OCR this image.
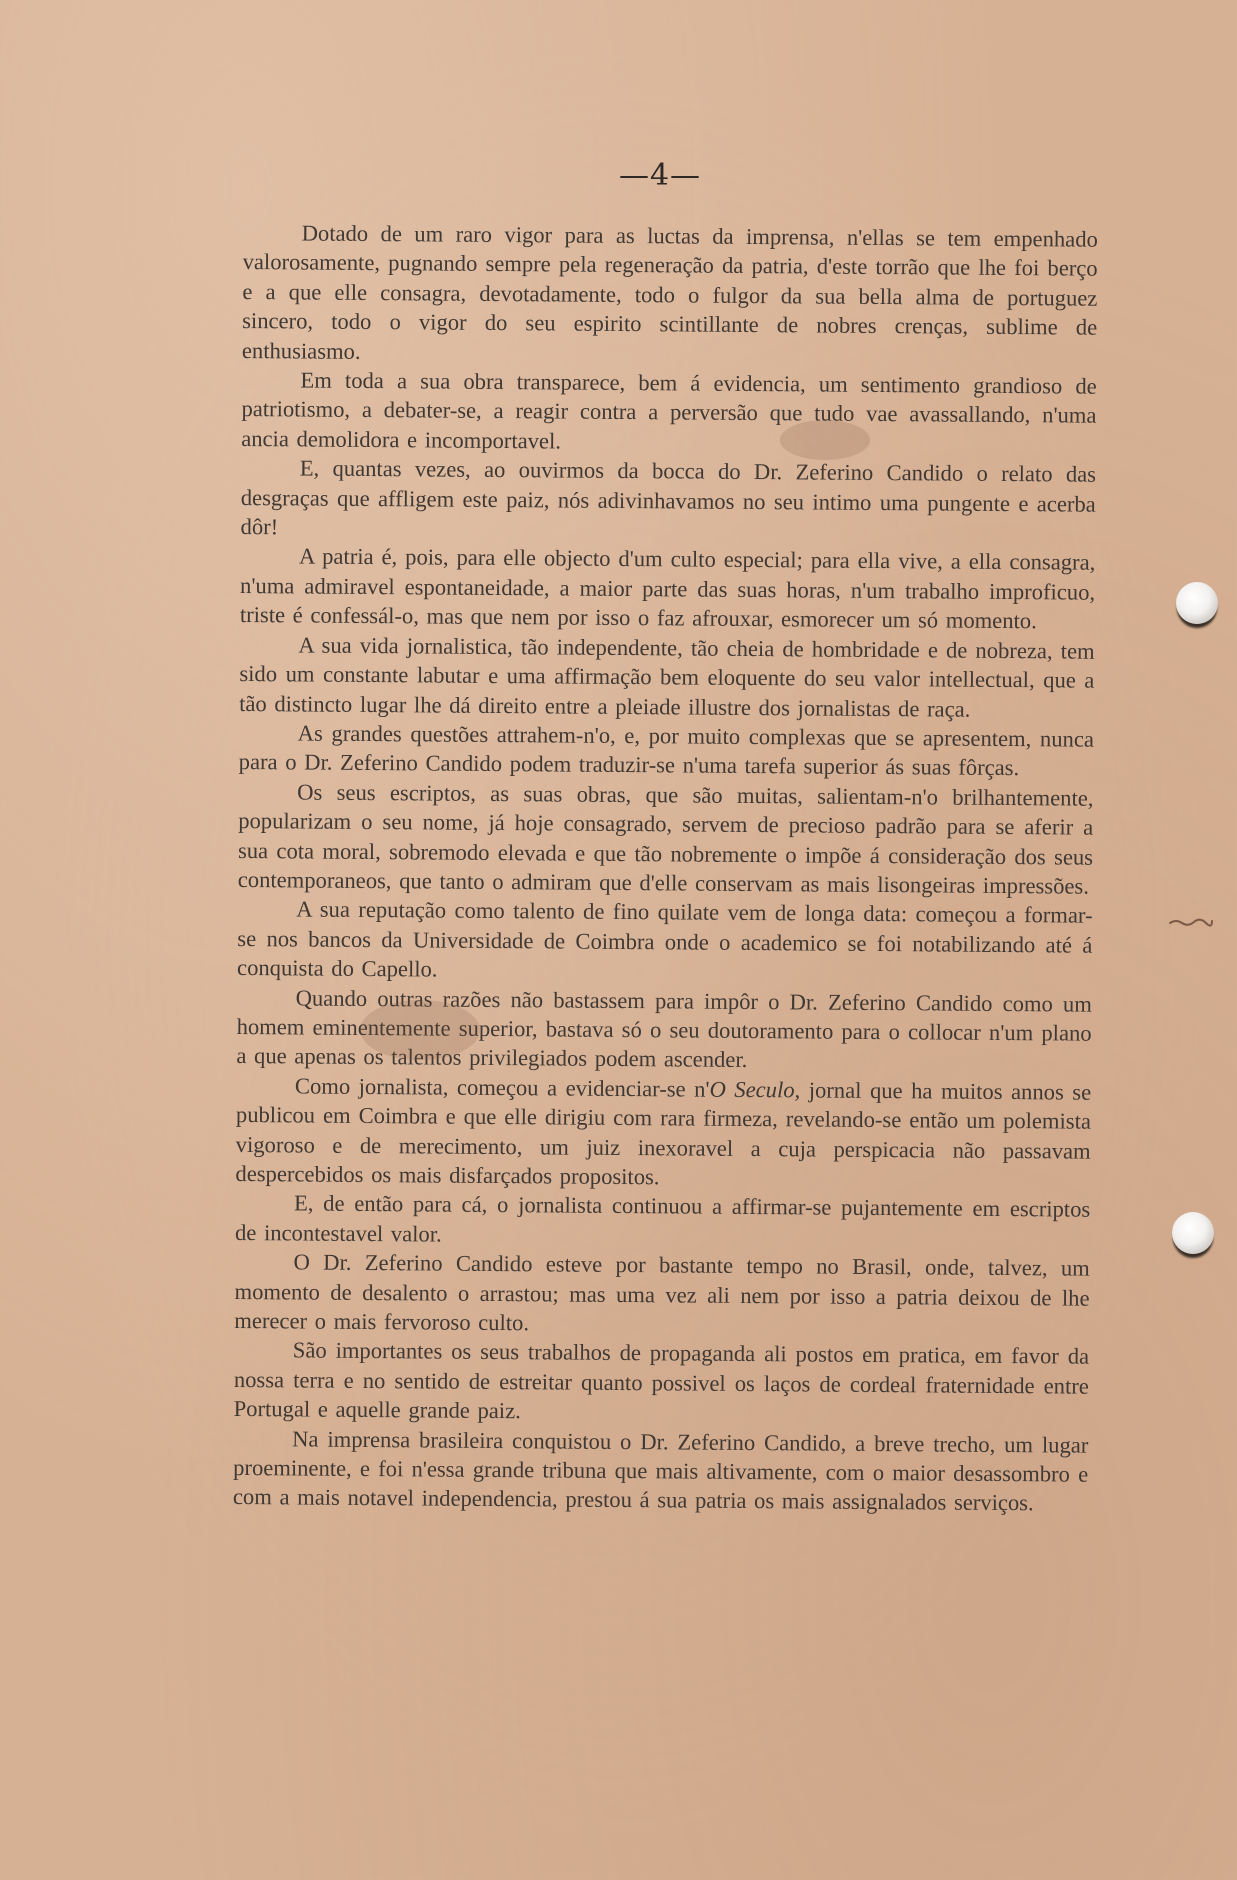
—4—

Dotado de um raro vigor para as luctas da imprensa, n'ellas se tem empenhado valorosamente, pugnando sempre pela regeneração da patria, d'este torrão que lhe foi berço e a que elle consagra, devotadamente, todo o fulgor da sua bella alma de portuguez sincero, todo o vigor do seu espirito scintillante de nobres crenças, sublime de enthusiasmo.

Em toda a sua obra transparece, bem á evidencia, um sentimento grandioso de patriotismo, a debater-se, a reagir contra a perversão que tudo vae avassallando, n'uma ancia demolidora e incomportavel.

E, quantas vezes, ao ouvirmos da bocca do Dr. Zeferino Candido o relato das desgraças que affligem este paiz, nós adivinhavamos no seu intimo uma pungente e acerba dôr!

A patria é, pois, para elle objecto d'um culto especial; para ella vive, a ella consagra, n'uma admiravel espontaneidade, a maior parte das suas horas, n'um trabalho improficuo, triste é confessál-o, mas que nem por isso o faz afrouxar, esmorecer um só momento.

A sua vida jornalistica, tão independente, tão cheia de hombridade e de nobreza, tem sido um constante labutar e uma affirmação bem eloquente do seu valor intellectual, que a tão distincto lugar lhe dá direito entre a pleiade illustre dos jornalistas de raça.

As grandes questões attrahem-n'o, e, por muito complexas que se apresentem, nunca para o Dr. Zeferino Candido podem traduzir-se n'uma tarefa superior ás suas fôrças.

Os seus escriptos, as suas obras, que são muitas, salientam-n'o brilhantemente, popularizam o seu nome, já hoje consagrado, servem de precioso padrão para se aferir a sua cota moral, sobremodo elevada e que tão nobremente o impõe á consideração dos seus contemporaneos, que tanto o admiram que d'elle conservam as mais lisongeiras impressões.

A sua reputação como talento de fino quilate vem de longa data: começou a formar-se nos bancos da Universidade de Coimbra onde o academico se foi notabilizando até á conquista do Capello.

Quando outras razões não bastassem para impôr o Dr. Zeferino Candido como um homem eminentemente superior, bastava só o seu doutoramento para o collocar n'um plano a que apenas os talentos privilegiados podem ascender.

Como jornalista, começou a evidenciar-se n'O Seculo, jornal que ha muitos annos se publicou em Coimbra e que elle dirigiu com rara firmeza, revelando-se então um polemista vigoroso e de merecimento, um juiz inexoravel a cuja perspicacia não passavam despercebidos os mais disfarçados propositos.

E, de então para cá, o jornalista continuou a affirmar-se pujantemente em escriptos de incontestavel valor.

O Dr. Zeferino Candido esteve por bastante tempo no Brasil, onde, talvez, um momento de desalento o arrastou; mas uma vez ali nem por isso a patria deixou de lhe merecer o mais fervoroso culto.

São importantes os seus trabalhos de propaganda ali postos em pratica, em favor da nossa terra e no sentido de estreitar quanto possivel os laços de cordeal fraternidade entre Portugal e aquelle grande paiz.

Na imprensa brasileira conquistou o Dr. Zeferino Candido, a breve trecho, um lugar proeminente, e foi n'essa grande tribuna que mais altivamente, com o maior desassombro e com a mais notavel independencia, prestou á sua patria os mais assignalados serviços.
